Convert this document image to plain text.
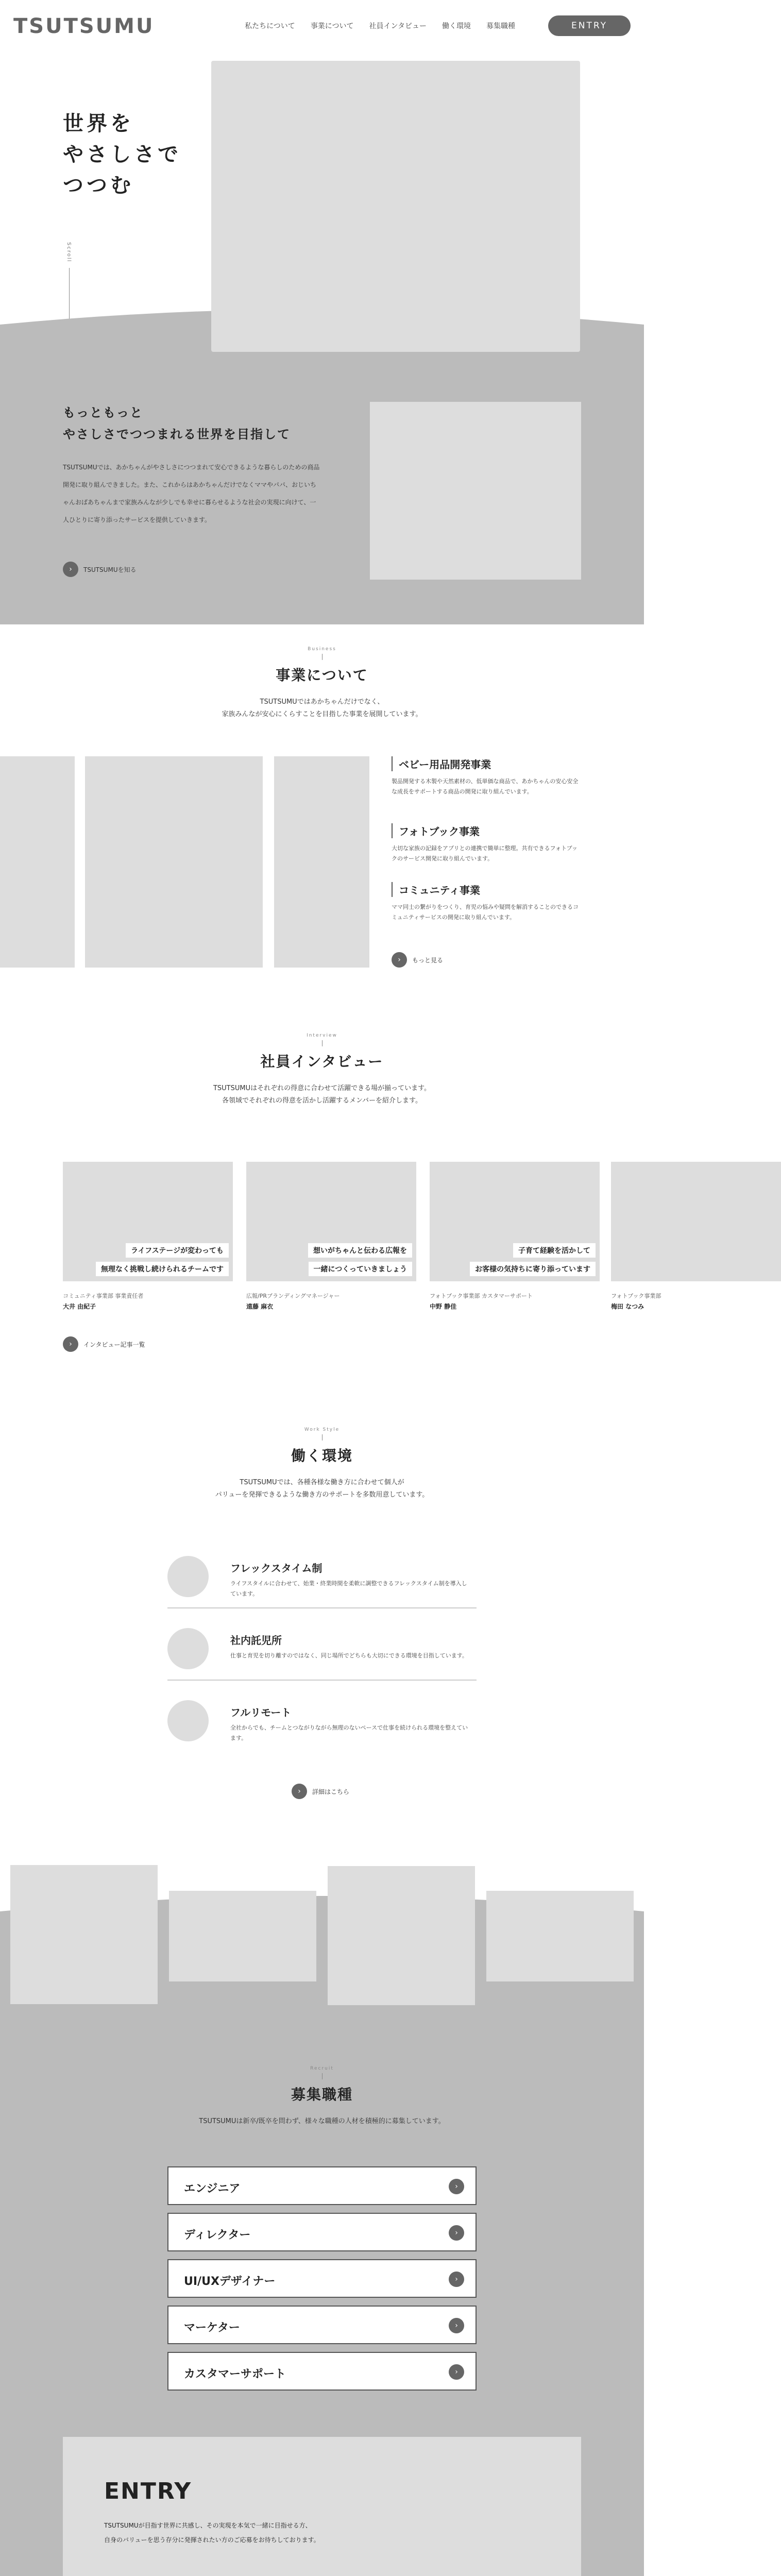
TSUTSUMU	私たちについて 事業について 社員インタビュー 働く環境 募集職種	ENTRY
世界を
やさしさで
つつむ
Scroll
もっともっと
やさしさでつつまれる世界を目指して
TSUTSUMUでは、あかちゃんがやさしさにつつまれて安心できるような暮らしのための商品開発に取り組んできました。また、これからはあかちゃんだけでなくママやパパ、おじいちゃんおばあちゃんまで家族みんなが少しでも幸せに暮らせるような社会の実現に向けて、一人ひとりに寄り添ったサービスを提供していきます。
›	TSUTSUMUを知る
Business
事業について
TSUTSUMUではあかちゃんだけでなく、
家族みんなが安心にくらすことを目指した事業を展開しています。
ベビー用品開発事業

製品開発する木製や天然素材の、低単価な商品で、あかちゃんの安心安全な成長をサポートする商品の開発に取り組んでいます。

フォトブック事業

大切な家族の記録をアプリとの連携で簡単に整理。共有できるフォトブックのサービス開発に取り組んでいます。

コミュニティ事業

ママ同士の繋がりをつくり、育児の悩みや疑問を解消することのできるコミュニティサービスの開発に取り組んでいます。

›	もっと見る
Interview
社員インタビュー
TSUTSUMUはそれぞれの得意に合わせて活躍できる場が揃っています。
各領域でそれぞれの得意を活かし活躍するメンバーを紹介します。
ライフステージが変わっても
無理なく挑戦し続けられるチームです
コミュニティ事業部 事業責任者
大井 由紀子
想いがちゃんと伝わる広報を
一緒につくっていきましょう
広報/PRブランディングマネージャー
遠藤 麻衣
子育て経験を活かして
お客様の気持ちに寄り添っています
フォトブック事業部 カスタマーサポート
中野 静佳
フォトブック事業部
梅田 なつみ
›	インタビュー記事一覧
Work Style
働く環境
TSUTSUMUでは、各種各様な働き方に合わせて個人が
パリューを発揮できるような働き方のサポートを多数用意しています。
フレックスタイム制
ライフスタイルに合わせて、始業・終業時間を柔軟に調整できるフレックスタイム制を導入しています。
社内託児所
仕事と育児を切り離すのではなく、同じ場所でどちらも大切にできる環境を目指しています。
フルリモート
全社からでも、チームとつながりながら無理のないペースで仕事を続けられる環境を整えています。
›	詳細はこちら
Recruit
募集職種
TSUTSUMUは新卒/既卒を問わず、様々な職種の人材を積極的に募集しています。
エンジニア	›
ディレクター	›
UI/UXデザイナー	›
マーケター	›
カスタマーサポート	›
ENTRY
TSUTSUMUが目指す世界に共感し、その実現を本気で一緒に目指せる方、
自身のバリューを思う存分に発揮されたい方のご応募をお待ちしております。
